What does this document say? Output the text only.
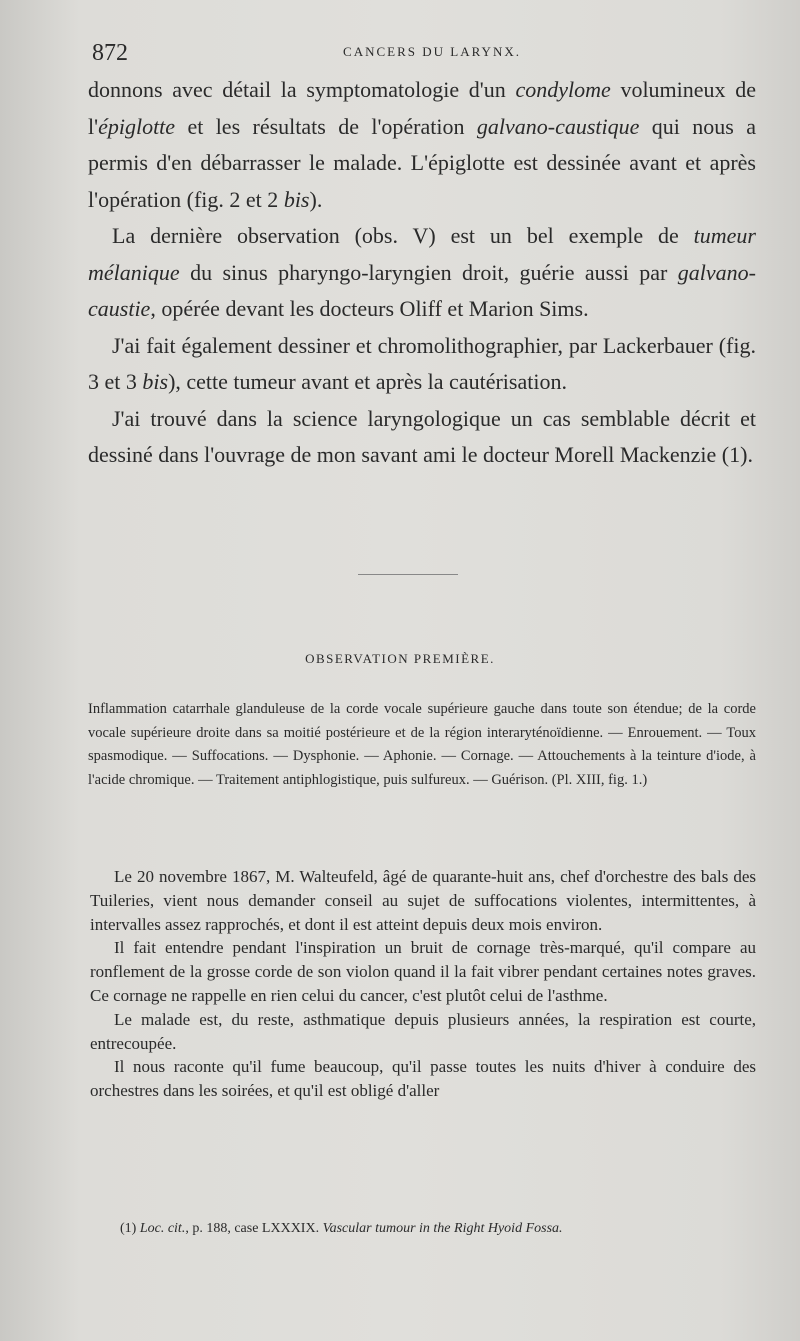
872	CANCERS DU LARYNX.

donnons avec détail la symptomatologie d'un condylome volumineux de l'épiglotte et les résultats de l'opération galvano-caustique qui nous a permis d'en débarrasser le malade. L'épiglotte est dessinée avant et après l'opération (fig. 2 et 2 bis).

La dernière observation (obs. V) est un bel exemple de tumeur mélanique du sinus pharyngo-laryngien droit, guérie aussi par galvano-caustie, opérée devant les docteurs Oliff et Marion Sims.

J'ai fait également dessiner et chromolithographier, par Lackerbauer (fig. 3 et 3 bis), cette tumeur avant et après la cautérisation.

J'ai trouvé dans la science laryngologique un cas semblable décrit et dessiné dans l'ouvrage de mon savant ami le docteur Morell Mackenzie (1).

OBSERVATION PREMIÈRE.
Inflammation catarrhale glanduleuse de la corde vocale supérieure gauche dans toute son étendue; de la corde vocale supérieure droite dans sa moitié postérieure et de la région interaryténoïdienne. — Enrouement. — Toux spasmodique. — Suffocations. — Dysphonie. — Aphonie. — Cornage. — Attouchements à la teinture d'iode, à l'acide chromique. — Traitement antiphlogistique, puis sulfureux. — Guérison. (Pl. XIII, fig. 1.)

Le 20 novembre 1867, M. Walteufeld, âgé de quarante-huit ans, chef d'orchestre des bals des Tuileries, vient nous demander conseil au sujet de suffocations violentes, intermittentes, à intervalles assez rapprochés, et dont il est atteint depuis deux mois environ.

Il fait entendre pendant l'inspiration un bruit de cornage très-marqué, qu'il compare au ronflement de la grosse corde de son violon quand il la fait vibrer pendant certaines notes graves. Ce cornage ne rappelle en rien celui du cancer, c'est plutôt celui de l'asthme.

Le malade est, du reste, asthmatique depuis plusieurs années, la respiration est courte, entrecoupée.

Il nous raconte qu'il fume beaucoup, qu'il passe toutes les nuits d'hiver à conduire des orchestres dans les soirées, et qu'il est obligé d'aller

(1) Loc. cit., p. 188, case LXXXIX. Vascular tumour in the Right Hyoid Fossa.
